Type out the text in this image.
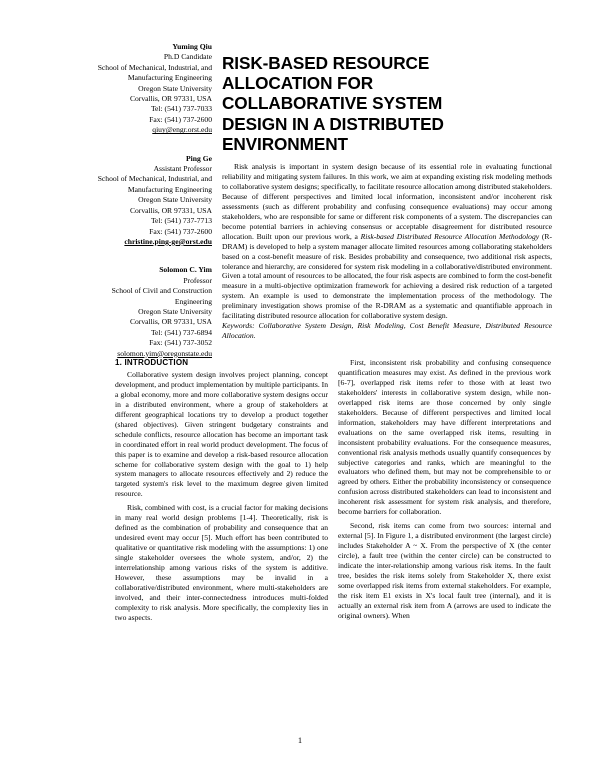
Yuming Qiu
Ph.D Candidate
School of Mechanical, Industrial, and
Manufacturing Engineering
Oregon State University
Corvallis, OR 97331, USA
Tel: (541) 737-7033
Fax: (541) 737-2600
qiuy@engr.orst.edu
Ping Ge
Assistant Professor
School of Mechanical, Industrial, and
Manufacturing Engineering
Oregon State University
Corvallis, OR 97331, USA
Tel: (541) 737-7713
Fax: (541) 737-2600
christine.ping-ge@orst.edu
Solomon C. Yim
Professor
School of Civil and Construction
Engineering
Oregon State University
Corvallis, OR 97331, USA
Tel: (541) 737-6894
Fax: (541) 737-3052
solomon.yim@oregonstate.edu
RISK-BASED RESOURCE ALLOCATION FOR COLLABORATIVE SYSTEM DESIGN IN A DISTRIBUTED ENVIRONMENT

Risk analysis is important in system design because of its essential role in evaluating functional reliability and mitigating system failures. In this work, we aim at expanding existing risk modeling methods to collaborative system designs; specifically, to facilitate resource allocation among distributed stakeholders. Because of different perspectives and limited local information, inconsistent and/or incoherent risk assessments (such as different probability and confusing consequence evaluations) may occur among stakeholders, who are responsible for same or different risk components of a system. The discrepancies can become potential barriers in achieving consensus or acceptable disagreement for distributed resource allocation. Built upon our previous work, a Risk-based Distributed Resource Allocation Methodology (R-DRAM) is developed to help a system manager allocate limited resources among collaborating stakeholders based on a cost-benefit measure of risk. Besides probability and consequence, two additional risk aspects, tolerance and hierarchy, are considered for system risk modeling in a collaborative/distributed environment. Given a total amount of resources to be allocated, the four risk aspects are combined to form the cost-benefit measure in a multi-objective optimization framework for achieving a desired risk reduction of a targeted system. An example is used to demonstrate the implementation process of the methodology. The preliminary investigation shows promise of the R-DRAM as a systematic and quantifiable approach in facilitating distributed resource allocation for collaborative system design.

Keywords: Collaborative System Design, Risk Modeling, Cost Benefit Measure, Distributed Resource Allocation.

1. INTRODUCTION

Collaborative system design involves project planning, concept development, and product implementation by multiple participants. In a global economy, more and more collaborative system designs occur in a distributed environment, where a group of stakeholders at different geographical locations try to develop a product together (shared objectives). Given stringent budgetary constraints and schedule conflicts, resource allocation has become an important task in coordinated effort in real world product development. The focus of this paper is to examine and develop a risk-based resource allocation scheme for collaborative system design with the goal to 1) help system managers to allocate resources effectively and 2) reduce the targeted system's risk level to the maximum degree given limited resource.

Risk, combined with cost, is a crucial factor for making decisions in many real world design problems [1-4]. Theoretically, risk is defined as the combination of probability and consequence that an undesired event may occur [5]. Much effort has been contributed to qualitative or quantitative risk modeling with the assumptions: 1) one single stakeholder oversees the whole system, and/or, 2) the interrelationship among various risks of the system is additive. However, these assumptions may be invalid in a collaborative/distributed environment, where multi-stakeholders are involved, and their inter-connectedness introduces multi-folded complexity to risk analysis. More specifically, the complexity lies in two aspects.

First, inconsistent risk probability and confusing consequence quantification measures may exist. As defined in the previous work [6-7], overlapped risk items refer to those with at least two stakeholders' interests in collaborative system design, while non-overlapped risk items are those concerned by only single stakeholders. Because of different perspectives and limited local information, stakeholders may have different interpretations and evaluations on the same overlapped risk items, resulting in inconsistent probability evaluations. For the consequence measures, conventional risk analysis methods usually quantify consequences by subjective categories and ranks, which are meaningful to the evaluators who defined them, but may not be comprehensible to or agreed by others. Either the probability inconsistency or consequence confusion across distributed stakeholders can lead to inconsistent and incoherent risk assessment for system risk analysis, and therefore, become barriers for collaboration.

Second, risk items can come from two sources: internal and external [5]. In Figure 1, a distributed environment (the largest circle) includes Stakeholder A ~ X. From the perspective of X (the center circle), a fault tree (within the center circle) can be constructed to indicate the inter-relationship among various risk items. In the fault tree, besides the risk items solely from Stakeholder X, there exist some overlapped risk items from external stakeholders. For example, the risk item E1 exists in X's local fault tree (internal), and it is actually an external risk item from A (arrows are used to indicate the original owners). When

1
